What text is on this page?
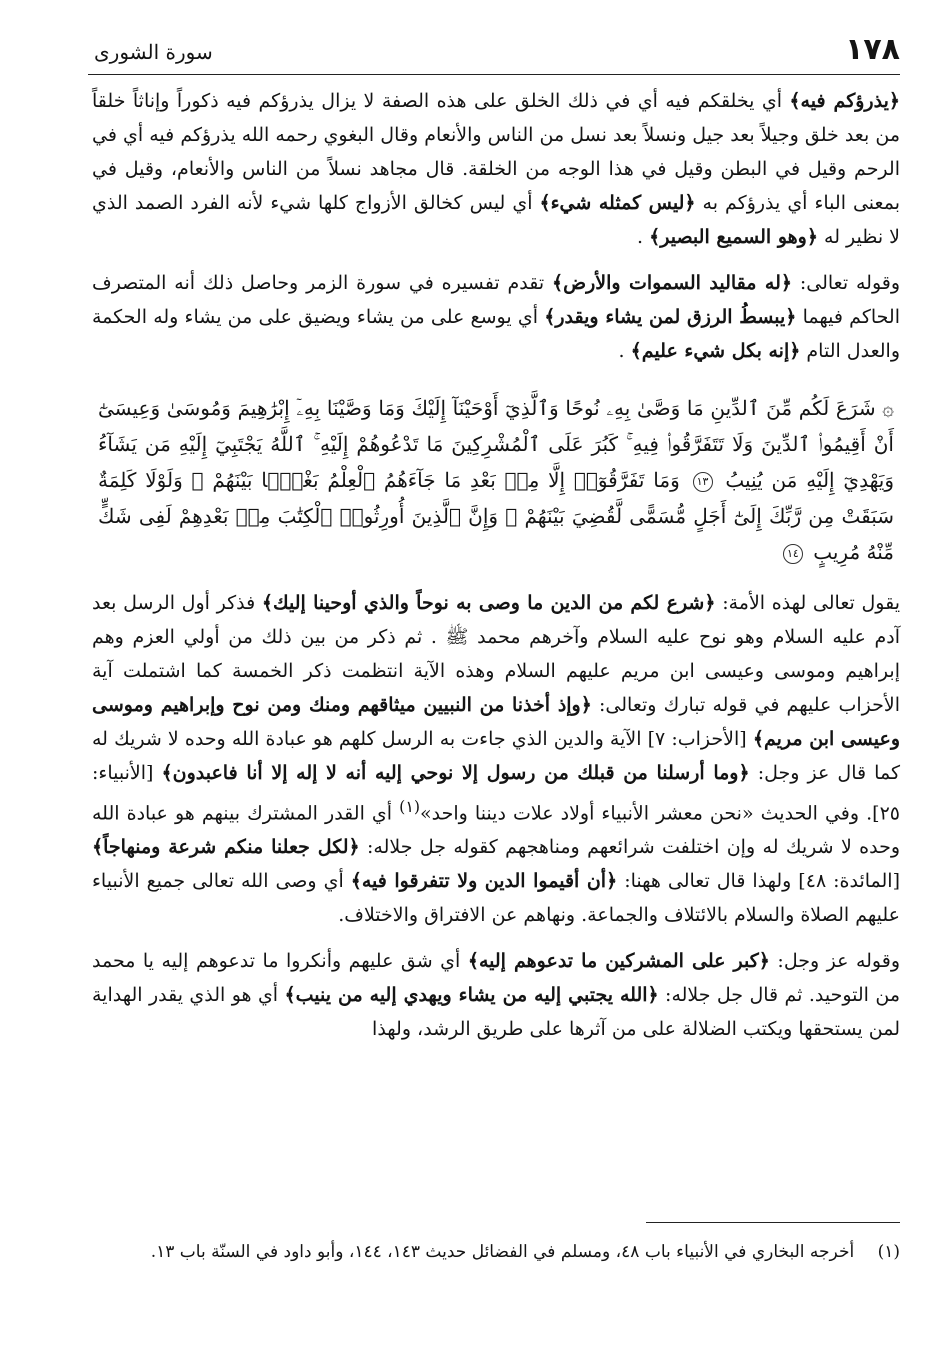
١٧٨
سورة الشورى

﴿يذرؤكم فيه﴾ أي يخلقكم فيه أي في ذلك الخلق على هذه الصفة لا يزال يذرؤكم فيه ذكوراً وإناثاً خلقاً من بعد خلق وجيلاً بعد جيل ونسلاً بعد نسل من الناس والأنعام وقال البغوي رحمه الله يذرؤكم فيه أي في الرحم وقيل في البطن وقيل في هذا الوجه من الخلقة. قال مجاهد نسلاً من الناس والأنعام، وقيل في بمعنى الباء أي يذرؤكم به ﴿ليس كمثله شيء﴾ أي ليس كخالق الأزواج كلها شيء لأنه الفرد الصمد الذي لا نظير له ﴿وهو السميع البصير﴾ .

وقوله تعالى: ﴿له مقاليد السموات والأرض﴾ تقدم تفسيره في سورة الزمر وحاصل ذلك أنه المتصرف الحاكم فيهما ﴿يبسطُ الرزق لمن يشاء ويقدر﴾ أي يوسع على من يشاء ويضيق على من يشاء وله الحكمة والعدل التام ﴿إنه بكل شيء عليم﴾ .

۞ شَرَعَ لَكُم مِّنَ ٱلدِّينِ مَا وَصَّىٰ بِهِۦ نُوحًا وَٱلَّذِيٓ أَوْحَيْنَآ إِلَيْكَ وَمَا وَصَّيْنَا بِهِۦٓ إِبْرَٰهِيمَ وَمُوسَىٰ وَعِيسَىٰٓ أَنْ أَقِيمُوا۟ ٱلدِّينَ وَلَا تَتَفَرَّقُوا۟ فِيهِ ۚ كَبُرَ عَلَى ٱلْمُشْرِكِينَ مَا تَدْعُوهُمْ إِلَيْهِ ۚ ٱللَّهُ يَجْتَبِيٓ إِلَيْهِ مَن يَشَآءُ وَيَهْدِيٓ إِلَيْهِ مَن يُنِيبُ ١٣ وَمَا تَفَرَّقُوٓا۟ إِلَّا مِنۢ بَعْدِ مَا جَآءَهُمُ ٱلْعِلْمُ بَغْيًۢا بَيْنَهُمْ ۚ وَلَوْلَا كَلِمَةٌ سَبَقَتْ مِن رَّبِّكَ إِلَىٰٓ أَجَلٍ مُّسَمًّى لَّقُضِيَ بَيْنَهُمْ ۚ وَإِنَّ ٱلَّذِينَ أُورِثُوا۟ ٱلْكِتَٰبَ مِنۢ بَعْدِهِمْ لَفِى شَكٍّ مِّنْهُ مُرِيبٍ ١٤

يقول تعالى لهذه الأمة: ﴿شرع لكم من الدين ما وصى به نوحاً والذي أوحينا إليك﴾ فذكر أول الرسل بعد آدم عليه السلام وهو نوح عليه السلام وآخرهم محمد ﷺ . ثم ذكر من بين ذلك من أولي العزم وهم إبراهيم وموسى وعيسى ابن مريم عليهم السلام وهذه الآية انتظمت ذكر الخمسة كما اشتملت آية الأحزاب عليهم في قوله تبارك وتعالى: ﴿وإذ أخذنا من النبيين ميثاقهم ومنك ومن نوح وإبراهيم وموسى وعيسى ابن مريم﴾ [الأحزاب: ٧] الآية والدين الذي جاءت به الرسل كلهم هو عبادة الله وحده لا شريك له كما قال عز وجل: ﴿وما أرسلنا من قبلك من رسول إلا نوحي إليه أنه لا إله إلا أنا فاعبدون﴾ [الأنبياء: ٢٥]. وفي الحديث «نحن معشر الأنبياء أولاد علات ديننا واحد»$^{(١)}$ أي القدر المشترك بينهم هو عبادة الله وحده لا شريك له وإن اختلفت شرائعهم ومناهجهم كقوله جل جلاله: ﴿لكل جعلنا منكم شرعة ومنهاجاً﴾ [المائدة: ٤٨] ولهذا قال تعالى ههنا: ﴿أن أقيموا الدين ولا تتفرقوا فيه﴾ أي وصى الله تعالى جميع الأنبياء عليهم الصلاة والسلام بالائتلاف والجماعة. ونهاهم عن الافتراق والاختلاف.

وقوله عز وجل: ﴿كبر على المشركين ما تدعوهم إليه﴾ أي شق عليهم وأنكروا ما تدعوهم إليه يا محمد من التوحيد. ثم قال جل جلاله: ﴿الله يجتبي إليه من يشاء ويهدي إليه من ينيب﴾ أي هو الذي يقدر الهداية لمن يستحقها ويكتب الضلالة على من آثرها على طريق الرشد، ولهذا

(١) أخرجه البخاري في الأنبياء باب ٤٨، ومسلم في الفضائل حديث ١٤٣، ١٤٤، وأبو داود في السنّة باب ١٣.
